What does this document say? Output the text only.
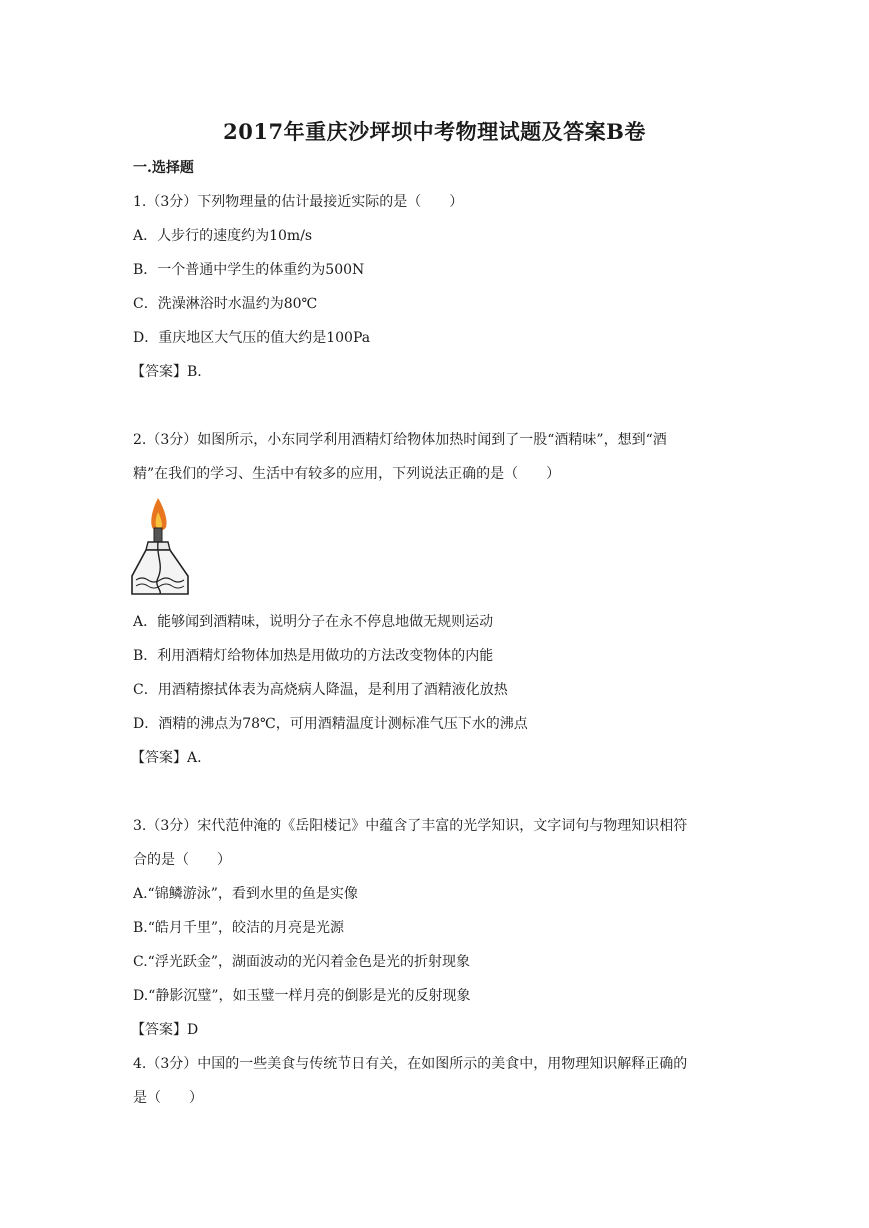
2017年重庆沙坪坝中考物理试题及答案B卷
一.选择题
1.（3分）下列物理量的估计最接近实际的是（　　）
A．人步行的速度约为10m/s
B．一个普通中学生的体重约为500N
C．洗澡淋浴时水温约为80℃
D．重庆地区大气压的值大约是100Pa
【答案】B.
2.（3分）如图所示，小东同学利用酒精灯给物体加热时闻到了一股“酒精味”，想到“酒
精”在我们的学习、生活中有较多的应用，下列说法正确的是（　　）
A．能够闻到酒精味，说明分子在永不停息地做无规则运动
B．利用酒精灯给物体加热是用做功的方法改变物体的内能
C．用酒精擦拭体表为高烧病人降温，是利用了酒精液化放热
D．酒精的沸点为78℃，可用酒精温度计测标准气压下水的沸点
【答案】A.
3.（3分）宋代范仲淹的《岳阳楼记》中蕴含了丰富的光学知识，文字词句与物理知识相符
合的是（　　）
A.“锦鳞游泳”，看到水里的鱼是实像
B.“皓月千里”，皎洁的月亮是光源
C.“浮光跃金”，湖面波动的光闪着金色是光的折射现象
D.“静影沉璧”，如玉璧一样月亮的倒影是光的反射现象
【答案】D
4.（3分）中国的一些美食与传统节日有关，在如图所示的美食中，用物理知识解释正确的
是（　　）
